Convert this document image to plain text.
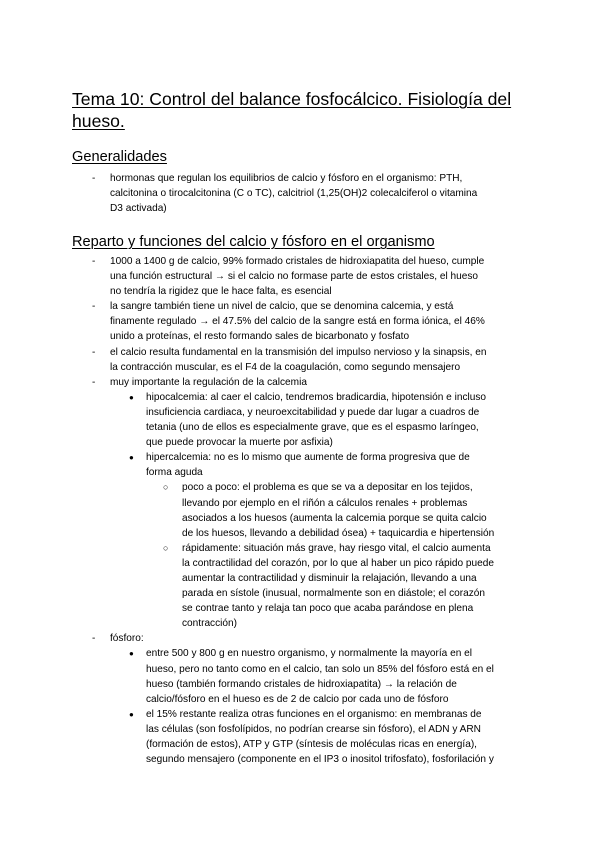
Tema 10: Control del balance fosfocálcico. Fisiología del
hueso.
Generalidades
- hormonas que regulan los equilibrios de calcio y fósforo en el organismo: PTH,
calcitonina o tirocalcitonina (C o TC), calcitriol (1,25(OH)2 colecalciferol o vitamina
D3 activada)
Reparto y funciones del calcio y fósforo en el organismo
- 1000 a 1400 g de calcio, 99% formado cristales de hidroxiapatita del hueso, cumple
una función estructural → si el calcio no formase parte de estos cristales, el hueso
no tendría la rigidez que le hace falta, es esencial
- la sangre también tiene un nivel de calcio, que se denomina calcemia, y está
finamente regulado → el 47.5% del calcio de la sangre está en forma iónica, el 46%
unido a proteínas, el resto formando sales de bicarbonato y fosfato
- el calcio resulta fundamental en la transmisión del impulso nervioso y la sinapsis, en
la contracción muscular, es el F4 de la coagulación, como segundo mensajero
- muy importante la regulación de la calcemia
● hipocalcemia: al caer el calcio, tendremos bradicardia, hipotensión e incluso
insuficiencia cardiaca, y neuroexcitabilidad y puede dar lugar a cuadros de
tetania (uno de ellos es especialmente grave, que es el espasmo laríngeo,
que puede provocar la muerte por asfixia)
● hipercalcemia: no es lo mismo que aumente de forma progresiva que de
forma aguda
○ poco a poco: el problema es que se va a depositar en los tejidos,
llevando por ejemplo en el riñón a cálculos renales + problemas
asociados a los huesos (aumenta la calcemia porque se quita calcio
de los huesos, llevando a debilidad ósea) + taquicardia e hipertensión
○ rápidamente: situación más grave, hay riesgo vital, el calcio aumenta
la contractilidad del corazón, por lo que al haber un pico rápido puede
aumentar la contractilidad y disminuir la relajación, llevando a una
parada en sístole (inusual, normalmente son en diástole; el corazón
se contrae tanto y relaja tan poco que acaba parándose en plena
contracción)
- fósforo:
● entre 500 y 800 g en nuestro organismo, y normalmente la mayoría en el
hueso, pero no tanto como en el calcio, tan solo un 85% del fósforo está en el
hueso (también formando cristales de hidroxiapatita) → la relación de
calcio/fósforo en el hueso es de 2 de calcio por cada uno de fósforo
● el 15% restante realiza otras funciones en el organismo: en membranas de
las células (son fosfolípidos, no podrían crearse sin fósforo), el ADN y ARN
(formación de estos), ATP y GTP (síntesis de moléculas ricas en energía),
segundo mensajero (componente en el IP3 o inositol trifosfato), fosforilación y
